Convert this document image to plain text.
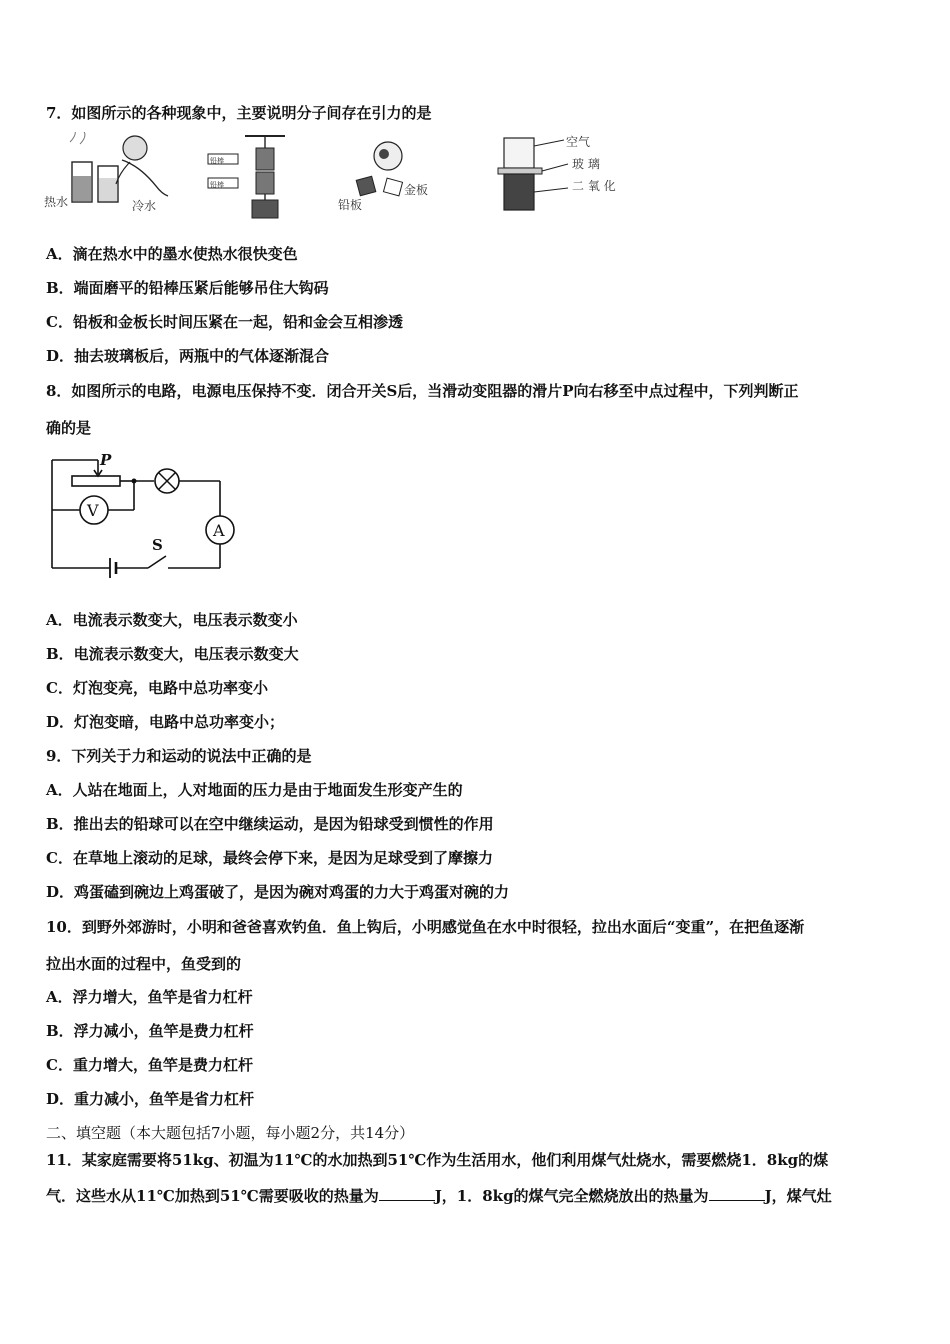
7．如图所示的各种现象中，主要说明分子间存在引力的是
热水	冷水
铅棒
铅棒
铅板
金板
空气
玻 璃
二 氧 化
A．滴在热水中的墨水使热水很快变色
B．端面磨平的铅棒压紧后能够吊住大钩码
C．铅板和金板长时间压紧在一起，铅和金会互相渗透
D．抽去玻璃板后，两瓶中的气体逐渐混合
8．如图所示的电路，电源电压保持不变．闭合开关S后，当滑动变阻器的滑片P向右移至中点过程中，下列判断正
确的是
P
A
V
S
A．电流表示数变大，电压表示数变小
B．电流表示数变大，电压表示数变大
C．灯泡变亮，电路中总功率变小
D．灯泡变暗，电路中总功率变小；
9．下列关于力和运动的说法中正确的是
A．人站在地面上，人对地面的压力是由于地面发生形变产生的
B．推出去的铅球可以在空中继续运动，是因为铅球受到惯性的作用
C．在草地上滚动的足球，最终会停下来，是因为足球受到了摩擦力
D．鸡蛋磕到碗边上鸡蛋破了，是因为碗对鸡蛋的力大于鸡蛋对碗的力
10．到野外郊游时，小明和爸爸喜欢钓鱼．鱼上钩后，小明感觉鱼在水中时很轻，拉出水面后“变重”，在把鱼逐渐
拉出水面的过程中，鱼受到的
A．浮力增大，鱼竿是省力杠杆
B．浮力减小，鱼竿是费力杠杆
C．重力增大，鱼竿是费力杠杆
D．重力减小，鱼竿是省力杠杆
二、填空题（本大题包括7小题，每小题2分，共14分）
11．某家庭需要将51kg、初温为11℃的水加热到51℃作为生活用水，他们利用煤气灶烧水，需要燃烧1．8kg的煤
气．这些水从11℃加热到51℃需要吸收的热量为	J，1．8kg的煤气完全燃烧放出的热量为	J，煤气灶
